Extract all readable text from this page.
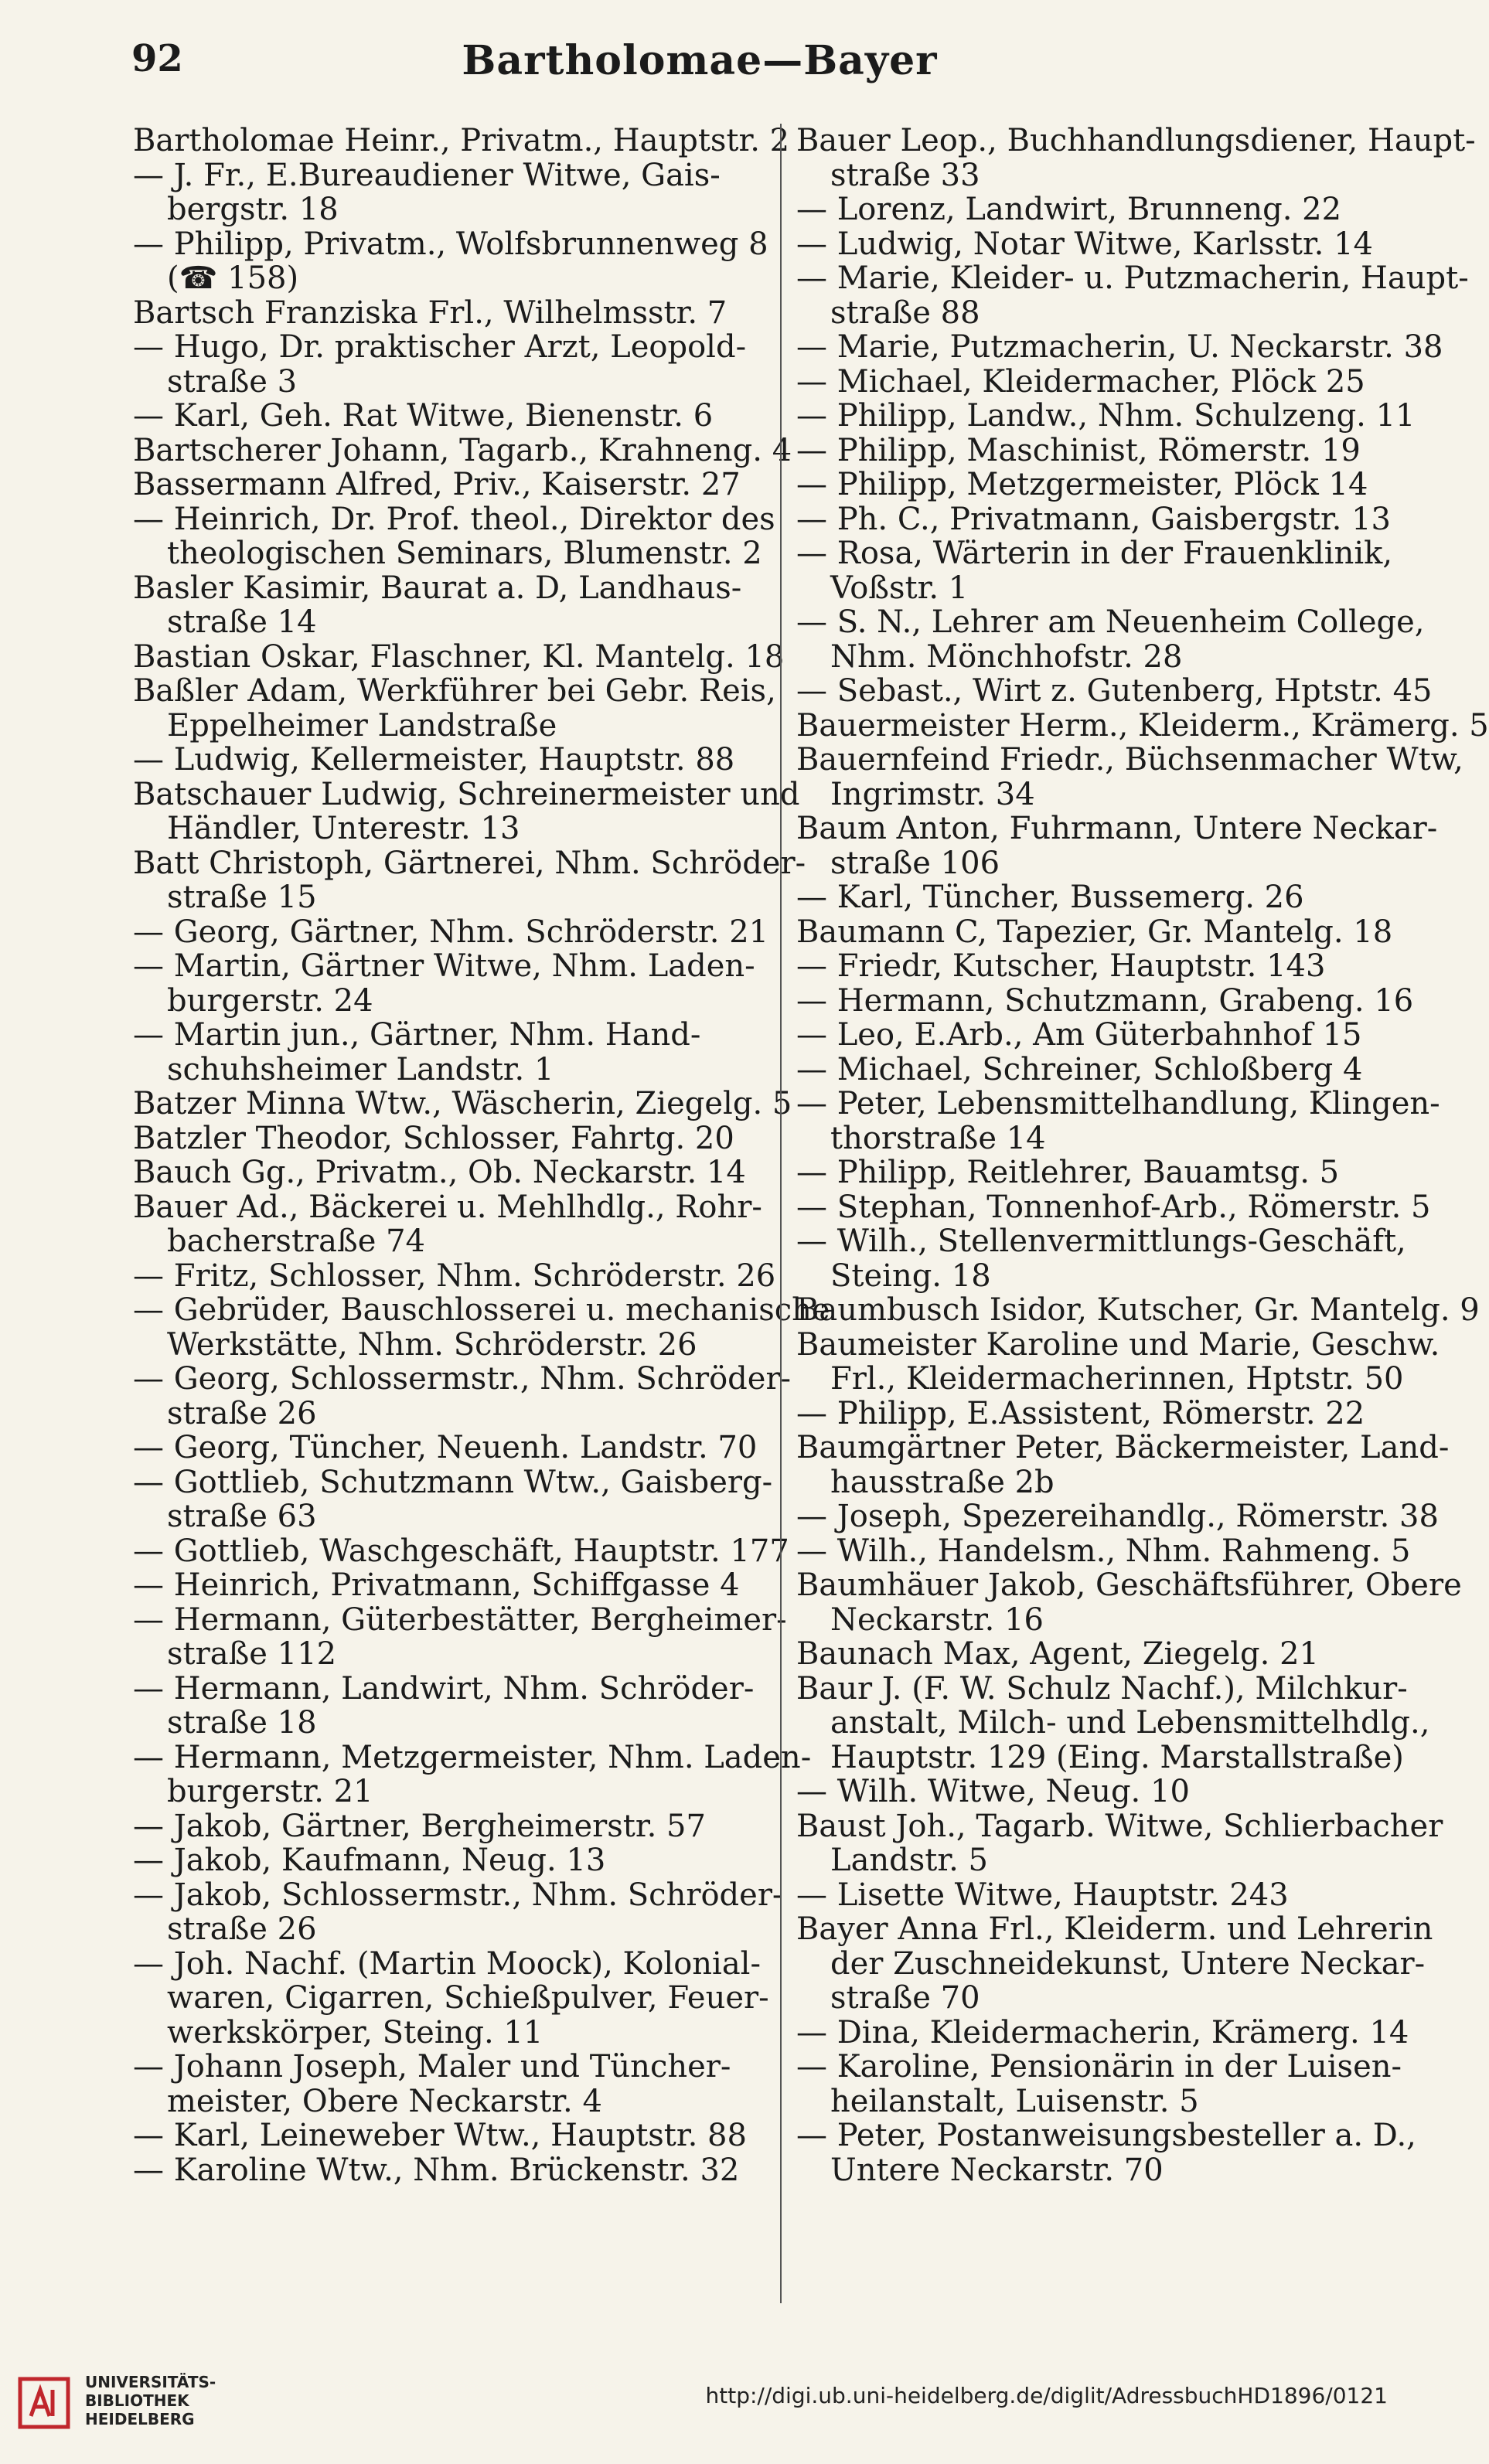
92	Bartholomae—Bayer
Bartholomae Heinr., Privatm., Hauptstr. 2
— J. Fr., E.Bureaudiener Witwe, Gais-
bergstr. 18
— Philipp, Privatm., Wolfsbrunnenweg 8
(☎ 158)
Bartsch Franziska Frl., Wilhelmsstr. 7
— Hugo, Dr. praktischer Arzt, Leopold-
straße 3
— Karl, Geh. Rat Witwe, Bienenstr. 6
Bartscherer Johann, Tagarb., Krahneng. 4
Bassermann Alfred, Priv., Kaiserstr. 27
— Heinrich, Dr. Prof. theol., Direktor des
theologischen Seminars, Blumenstr. 2
Basler Kasimir, Baurat a. D, Landhaus-
straße 14
Bastian Oskar, Flaschner, Kl. Mantelg. 18
Baßler Adam, Werkführer bei Gebr. Reis,
Eppelheimer Landstraße
— Ludwig, Kellermeister, Hauptstr. 88
Batschauer Ludwig, Schreinermeister und
Händler, Unterestr. 13
Batt Christoph, Gärtnerei, Nhm. Schröder-
straße 15
— Georg, Gärtner, Nhm. Schröderstr. 21
— Martin, Gärtner Witwe, Nhm. Laden-
burgerstr. 24
— Martin jun., Gärtner, Nhm. Hand-
schuhsheimer Landstr. 1
Batzer Minna Wtw., Wäscherin, Ziegelg. 5
Batzler Theodor, Schlosser, Fahrtg. 20
Bauch Gg., Privatm., Ob. Neckarstr. 14
Bauer Ad., Bäckerei u. Mehlhdlg., Rohr-
bacherstraße 74
— Fritz, Schlosser, Nhm. Schröderstr. 26
— Gebrüder, Bauschlosserei u. mechanische
Werkstätte, Nhm. Schröderstr. 26
— Georg, Schlossermstr., Nhm. Schröder-
straße 26
— Georg, Tüncher, Neuenh. Landstr. 70
— Gottlieb, Schutzmann Wtw., Gaisberg-
straße 63
— Gottlieb, Waschgeschäft, Hauptstr. 177
— Heinrich, Privatmann, Schiffgasse 4
— Hermann, Güterbestätter, Bergheimer-
straße 112
— Hermann, Landwirt, Nhm. Schröder-
straße 18
— Hermann, Metzgermeister, Nhm. Laden-
burgerstr. 21
— Jakob, Gärtner, Bergheimerstr. 57
— Jakob, Kaufmann, Neug. 13
— Jakob, Schlossermstr., Nhm. Schröder-
straße 26
— Joh. Nachf. (Martin Moock), Kolonial-
waren, Cigarren, Schießpulver, Feuer-
werkskörper, Steing. 11
— Johann Joseph, Maler und Tüncher-
meister, Obere Neckarstr. 4
— Karl, Leineweber Wtw., Hauptstr. 88
— Karoline Wtw., Nhm. Brückenstr. 32
Bauer Leop., Buchhandlungsdiener, Haupt-
straße 33
— Lorenz, Landwirt, Brunneng. 22
— Ludwig, Notar Witwe, Karlsstr. 14
— Marie, Kleider- u. Putzmacherin, Haupt-
straße 88
— Marie, Putzmacherin, U. Neckarstr. 38
— Michael, Kleidermacher, Plöck 25
— Philipp, Landw., Nhm. Schulzeng. 11
— Philipp, Maschinist, Römerstr. 19
— Philipp, Metzgermeister, Plöck 14
— Ph. C., Privatmann, Gaisbergstr. 13
— Rosa, Wärterin in der Frauenklinik,
Voßstr. 1
— S. N., Lehrer am Neuenheim College,
Nhm. Mönchhofstr. 28
— Sebast., Wirt z. Gutenberg, Hptstr. 45
Bauermeister Herm., Kleiderm., Krämerg. 5
Bauernfeind Friedr., Büchsenmacher Wtw,
Ingrimstr. 34
Baum Anton, Fuhrmann, Untere Neckar-
straße 106
— Karl, Tüncher, Bussemerg. 26
Baumann C, Tapezier, Gr. Mantelg. 18
— Friedr, Kutscher, Hauptstr. 143
— Hermann, Schutzmann, Grabeng. 16
— Leo, E.Arb., Am Güterbahnhof 15
— Michael, Schreiner, Schloßberg 4
— Peter, Lebensmittelhandlung, Klingen-
thorstraße 14
— Philipp, Reitlehrer, Bauamtsg. 5
— Stephan, Tonnenhof-Arb., Römerstr. 5
— Wilh., Stellenvermittlungs-Geschäft,
Steing. 18
Baumbusch Isidor, Kutscher, Gr. Mantelg. 9
Baumeister Karoline und Marie, Geschw.
Frl., Kleidermacherinnen, Hptstr. 50
— Philipp, E.Assistent, Römerstr. 22
Baumgärtner Peter, Bäckermeister, Land-
hausstraße 2b
— Joseph, Spezereihandlg., Römerstr. 38
— Wilh., Handelsm., Nhm. Rahmeng. 5
Baumhäuer Jakob, Geschäftsführer, Obere
Neckarstr. 16
Baunach Max, Agent, Ziegelg. 21
Baur J. (F. W. Schulz Nachf.), Milchkur-
anstalt, Milch- und Lebensmittelhdlg.,
Hauptstr. 129 (Eing. Marstallstraße)
— Wilh. Witwe, Neug. 10
Baust Joh., Tagarb. Witwe, Schlierbacher
Landstr. 5
— Lisette Witwe, Hauptstr. 243
Bayer Anna Frl., Kleiderm. und Lehrerin
der Zuschneidekunst, Untere Neckar-
straße 70
— Dina, Kleidermacherin, Krämerg. 14
— Karoline, Pensionärin in der Luisen-
heilanstalt, Luisenstr. 5
— Peter, Postanweisungsbesteller a. D.,
Untere Neckarstr. 70
UNIVERSITÄTS-
BIBLIOTHEK
HEIDELBERG
http://digi.ub.uni-heidelberg.de/diglit/AdressbuchHD1896/0121
